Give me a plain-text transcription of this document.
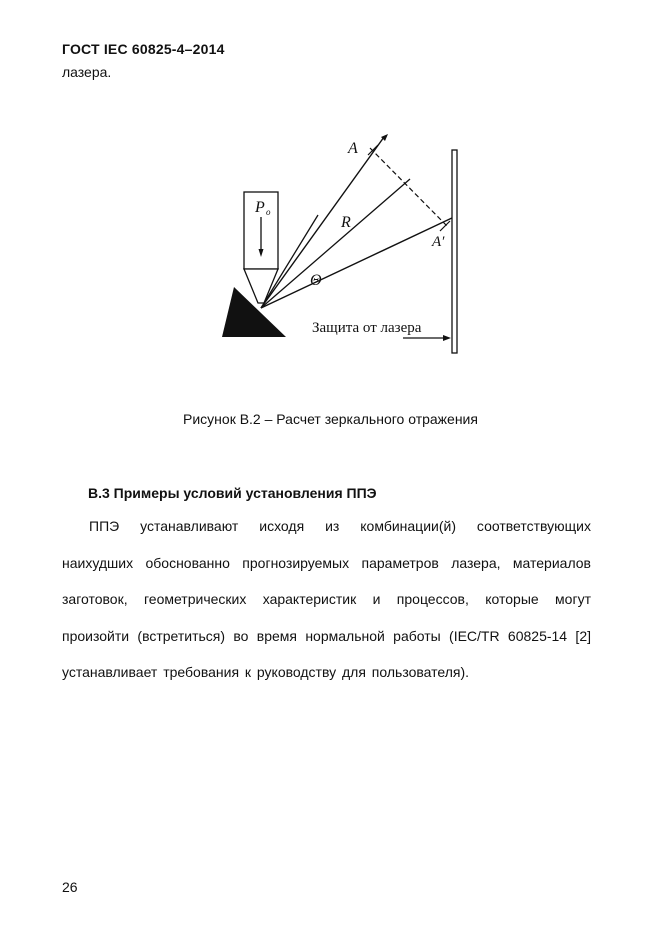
ГОСТ IEC 60825-4–2014
лазера.
A
A′
R
Θ
P o
Защита от лазера
Рисунок В.2 – Расчет зеркального отражения
В.3 Примеры условий установления ППЭ
ППЭ устанавливают исходя из комбинации(й) соответствующих наихудших обоснованно прогнозируемых параметров лазера, материалов заготовок, геометрических характеристик и процессов, которые могут произойти (встретиться) во время нормальной работы (IEC/TR 60825-14 [2] устанавливает требования к руководству для пользователя).
26
